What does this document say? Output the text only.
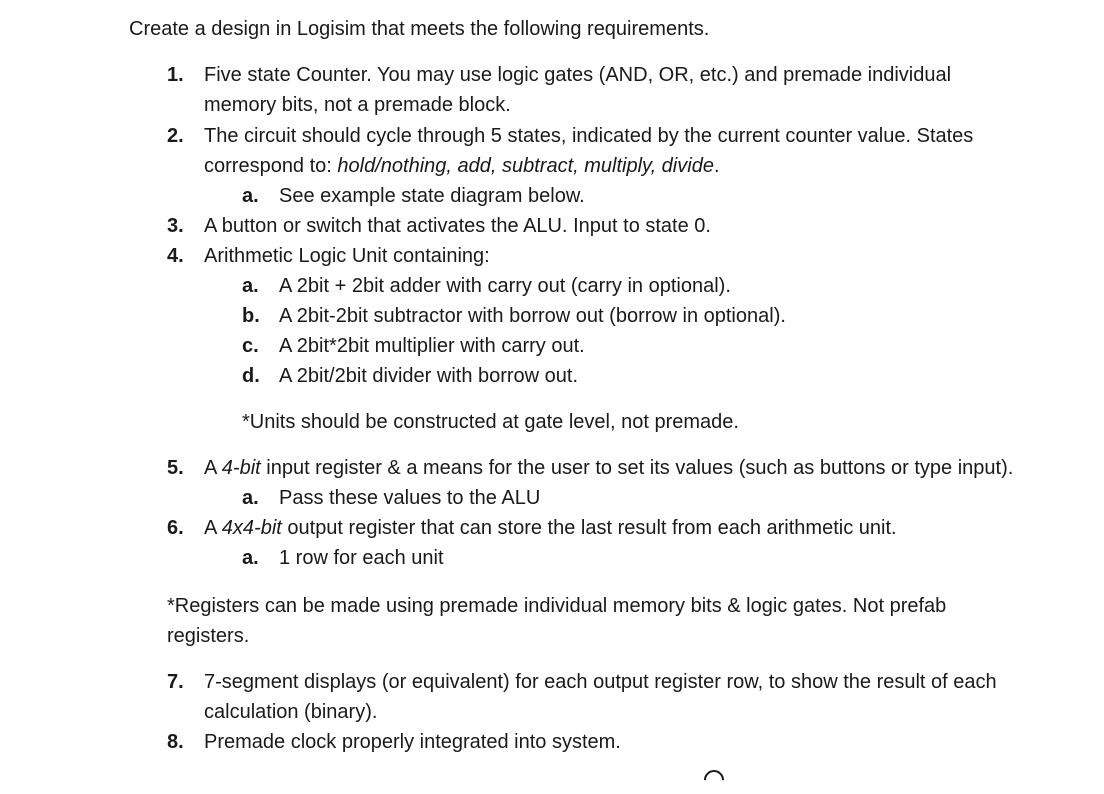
Create a design in Logisim that meets the following requirements.
1. Five state Counter. You may use logic gates (AND, OR, etc.) and premade individual
memory bits, not a premade block.
2. The circuit should cycle through 5 states, indicated by the current counter value. States
correspond to: hold/nothing, add, subtract, multiply, divide.
a. See example state diagram below.
3. A button or switch that activates the ALU. Input to state 0.
4. Arithmetic Logic Unit containing:
a. A 2bit + 2bit adder with carry out (carry in optional).
b. A 2bit-2bit subtractor with borrow out (borrow in optional).
c. A 2bit*2bit multiplier with carry out.
d. A 2bit/2bit divider with borrow out.
*Units should be constructed at gate level, not premade.
5. A 4-bit input register & a means for the user to set its values (such as buttons or type input).
a. Pass these values to the ALU
6. A 4x4-bit output register that can store the last result from each arithmetic unit.
a. 1 row for each unit
*Registers can be made using premade individual memory bits & logic gates. Not prefab
registers.
7. 7-segment displays (or equivalent) for each output register row, to show the result of each
calculation (binary).
8. Premade clock properly integrated into system.
